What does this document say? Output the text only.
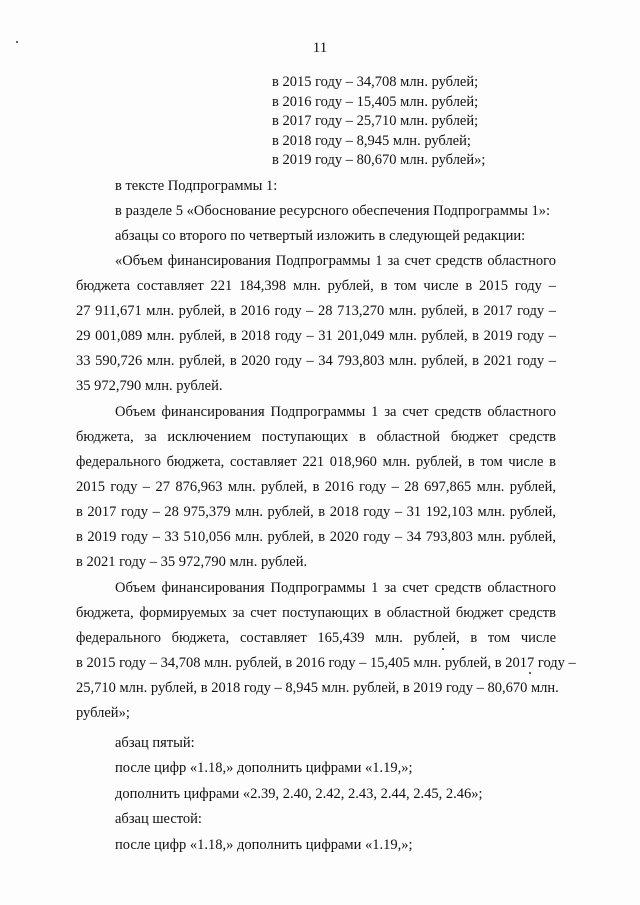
11
в 2015 году – 34,708 млн. рублей;
в 2016 году – 15,405 млн. рублей;
в 2017 году – 25,710 млн. рублей;
в 2018 году – 8,945 млн. рублей;
в 2019 году – 80,670 млн. рублей»;
в тексте Подпрограммы 1:
в разделе 5 «Обоснование ресурсного обеспечения Подпрограммы 1»:
абзацы со второго по четвертый изложить в следующей редакции:
«Объем финансирования Подпрограммы 1 за счет средств областного
бюджета составляет 221 184,398 млн. рублей, в том числе в 2015 году –
27 911,671 млн. рублей, в 2016 году – 28 713,270 млн. рублей, в 2017 году –
29 001,089 млн. рублей, в 2018 году – 31 201,049 млн. рублей, в 2019 году –
33 590,726 млн. рублей, в 2020 году – 34 793,803 млн. рублей, в 2021 году –
35 972,790 млн. рублей.
Объем финансирования Подпрограммы 1 за счет средств областного
бюджета, за исключением поступающих в областной бюджет средств
федерального бюджета, составляет 221 018,960 млн. рублей, в том числе в
2015 году – 27 876,963 млн. рублей, в 2016 году – 28 697,865 млн. рублей,
в 2017 году – 28 975,379 млн. рублей, в 2018 году – 31 192,103 млн. рублей,
в 2019 году – 33 510,056 млн. рублей, в 2020 году – 34 793,803 млн. рублей,
в 2021 году – 35 972,790 млн. рублей.
Объем финансирования Подпрограммы 1 за счет средств областного
бюджета, формируемых за счет поступающих в областной бюджет средств
федерального бюджета, составляет 165,439 млн. рублей, в том числе
в 2015 году – 34,708 млн. рублей, в 2016 году – 15,405 млн. рублей, в 2017 году –
25,710 млн. рублей, в 2018 году – 8,945 млн. рублей, в 2019 году – 80,670 млн.
рублей»;
абзац пятый:
после цифр «1.18,» дополнить цифрами «1.19,»;
дополнить цифрами «2.39, 2.40, 2.42, 2.43, 2.44, 2.45, 2.46»;
абзац шестой:
после цифр «1.18,» дополнить цифрами «1.19,»;
